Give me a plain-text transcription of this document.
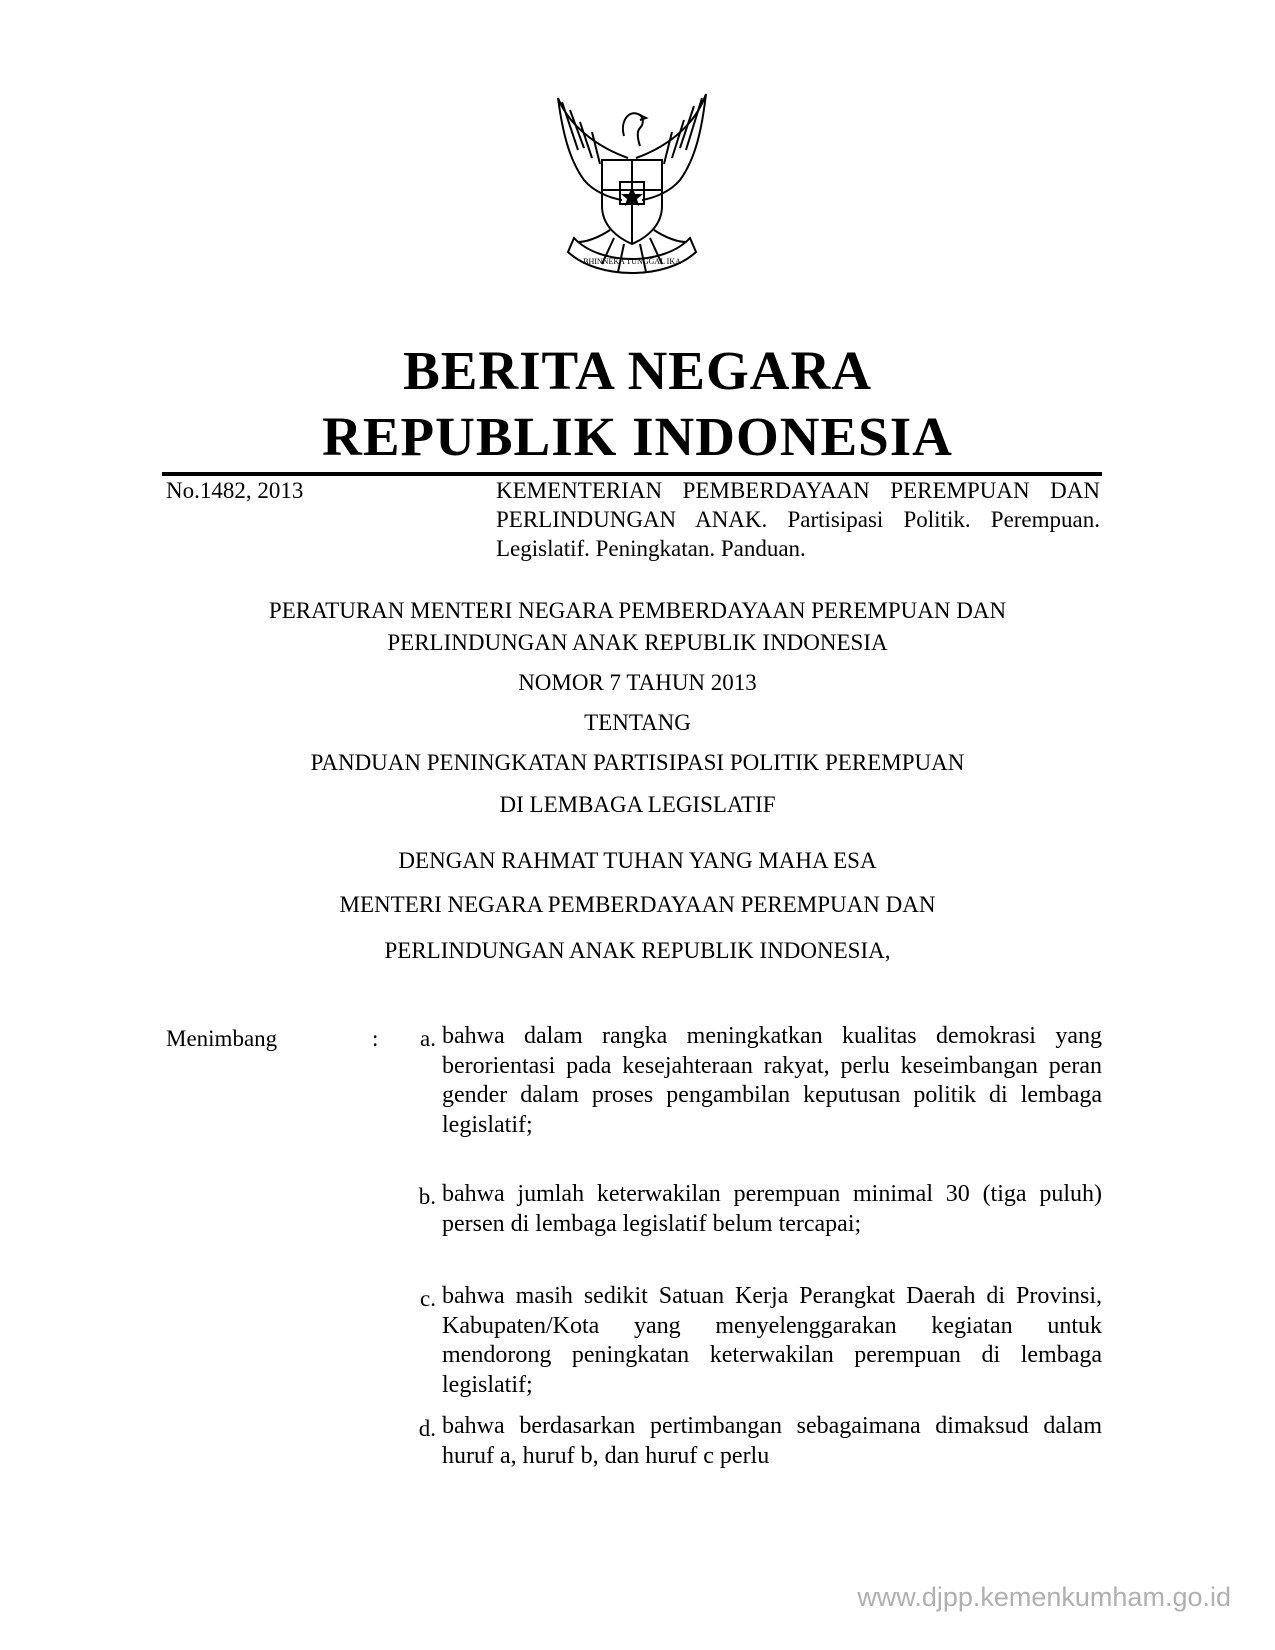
BHINNEKA TUNGGAL IKA
BERITA NEGARA
REPUBLIK INDONESIA
No.1482, 2013	KEMENTERIAN PEMBERDAYAAN PEREMPUAN DAN PERLINDUNGAN ANAK. Partisipasi Politik. Perempuan. Legislatif. Peningkatan. Panduan.
PERATURAN MENTERI NEGARA PEMBERDAYAAN PEREMPUAN DAN
PERLINDUNGAN ANAK REPUBLIK INDONESIA
NOMOR 7 TAHUN 2013
TENTANG
PANDUAN PENINGKATAN PARTISIPASI POLITIK PEREMPUAN
DI LEMBAGA LEGISLATIF
DENGAN RAHMAT TUHAN YANG MAHA ESA
MENTERI NEGARA PEMBERDAYAAN PEREMPUAN DAN
PERLINDUNGAN ANAK REPUBLIK INDONESIA,
Menimbang	:	a. bahwa dalam rangka meningkatkan kualitas demokrasi yang berorientasi pada kesejahteraan rakyat, perlu keseimbangan peran gender dalam proses pengambilan keputusan politik di lembaga legislatif;
b. bahwa jumlah keterwakilan perempuan minimal 30 (tiga puluh) persen di lembaga legislatif belum tercapai;
c. bahwa masih sedikit Satuan Kerja Perangkat Daerah di Provinsi, Kabupaten/Kota yang menyelenggarakan kegiatan untuk mendorong peningkatan keterwakilan perempuan di lembaga legislatif;
d. bahwa berdasarkan pertimbangan sebagaimana dimaksud dalam huruf a, huruf b, dan huruf c perlu
www.djpp.kemenkumham.go.id
